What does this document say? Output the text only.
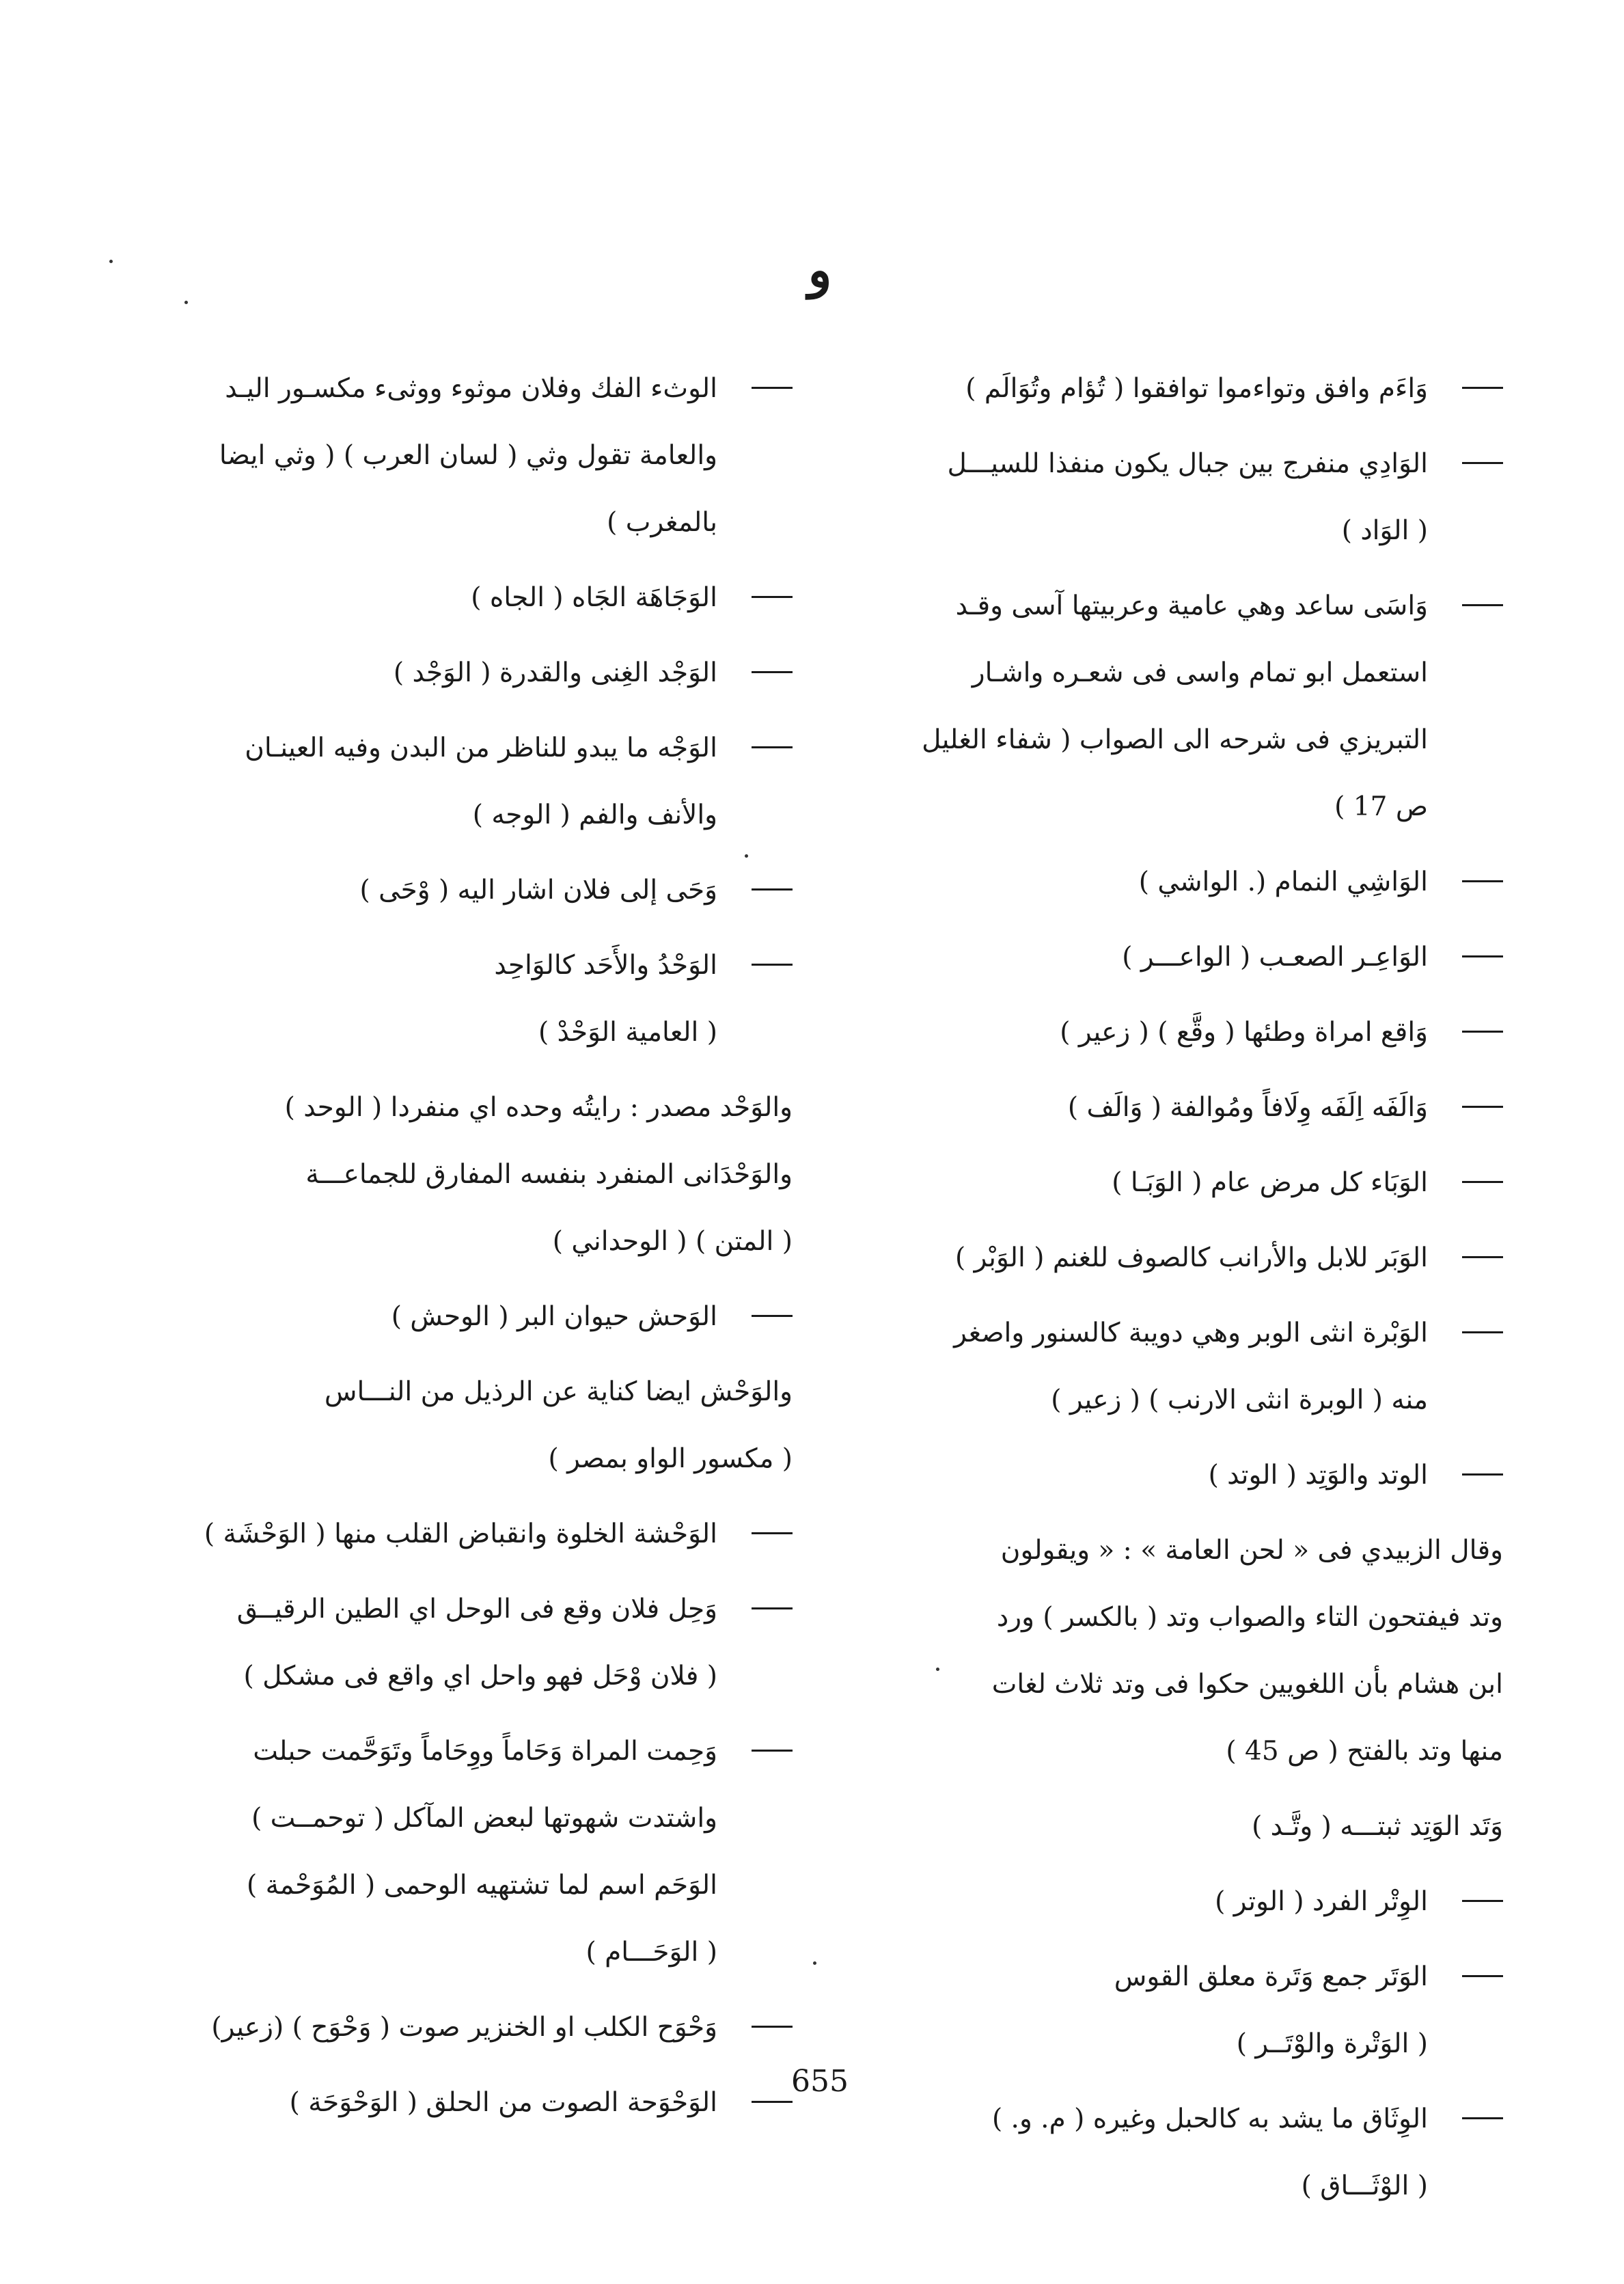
و
وَاءَم وافق وتواءموا توافقوا ( تُؤام وتُوَالَم )
الوَادِي منفرج بين جبال يكون منفذا للسيـــل
( الوَاد )
وَاسَى ساعد وهي عامية وعربيتها آسى وقـد
استعمل ابو تمام واسى فى شعـره واشـار
التبريزي فى شرحه الى الصواب ( شفاء الغليل
ص 17 )
الوَاشِي النمام (. الواشي )
الوَاعِـر الصعـب ( الواعـــر )
وَاقع امراة وطئها ( وقَّع ) ( زعير )
وَالَفَه اِلَفَه وِلَافاً ومُوالفة ( وَالَف )
الوَبَاء كل مرض عام ( الوَبَـا )
الوَبَر للابل والأرانب كالصوف للغنم ( الوَبْر )
الوَبْرة انثى الوبر وهي دويبة كالسنور واصغر
منه ( الوبرة انثى الارنب ) ( زعير )
الوتد والوَتِد ( الوتد )
وقال الزبيدي فى « لحن العامة » : « ويقولون
وتد فيفتحون التاء والصواب وتد ( بالكسر ) ورد
ابن هشام بأن اللغويين حكوا فى وتد ثلاث لغات
منها وتد بالفتح ( ص 45 )
وَتَد الوَتِد ثبتـــه ( وتَّـد )
الوِتْر الفرد ( الوتر )
الوَتَر جمع وَتَرة معلق القوس
( الوَتْرة والوْتَــر )
الوِثَاق ما يشد به كالحبل وغيره ( م. و. )
( الوْثَـــاق )
الوثء الفك وفلان موثوء ووثىء مكسـور اليـد
والعامة تقول وثي ( لسان العرب ) ( وثي ايضا
بالمغرب )
الوَجَاهَة الجَاه ( الجاه )
الوَجْد الغِنى والقدرة ( الوَجْد )
الوَجْه ما يبدو للناظر من البدن وفيه العينـان
والأنف والفم ( الوجه )
وَحَى إلى فلان اشار اليه ( وْحَى )
الوَحْدُ والأَحَد كالوَاحِد
( العامية الوَحْدْ )
والوَحْد مصدر : رايتُه وحده اي منفردا ( الوحد )
والوَحْدَانى المنفرد بنفسه المفارق للجماعـــة
( المتن ) ( الوحداني )
الوَحش حيوان البر ( الوحش )
والوَحْش ايضا كناية عن الرذيل من النـــاس
( مكسور الواو بمصر )
الوَحْشة الخلوة وانقباض القلب منها ( الوَحْشَة )
وَحِل فلان وقع فى الوحل اي الطين الرقيــق
( فلان وْحَل فهو واحل اي واقع فى مشكل )
وَحِمت المراة وَحَاماً ووِحَاماً وتَوَحَّمت حبلت
واشتدت شهوتها لبعض المآكل ( توحمــت )
الوَحَم اسم لما تشتهيه الوحمى ( المُوَحْمة )
( الوَحَـــام )
وَحْوَح الكلب او الخنزير صوت ( وَحْوَح ) (زعير)
الوَحْوَحة الصوت من الحلق ( الوَحْوَحَة )
655
